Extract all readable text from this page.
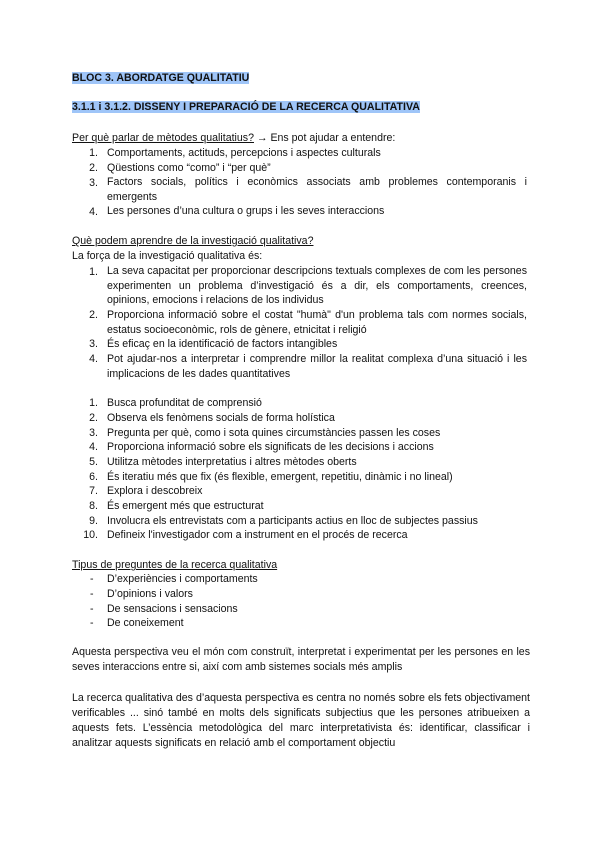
BLOC 3. ABORDATGE QUALITATIU
3.1.1 i 3.1.2. DISSENY I PREPARACIÓ DE LA RECERCA QUALITATIVA
Per què parlar de mètodes qualitatius? → Ens pot ajudar a entendre:
1. Comportaments, actituds, percepcions i aspectes culturals
2. Qüestions como “como” i “per què”
3. Factors socials, polítics i econòmics associats amb problemes contemporanis i emergents
4. Les persones d’una cultura o grups i les seves interaccions
Què podem aprendre de la investigació qualitativa?
La força de la investigació qualitativa és:
1. La seva capacitat per proporcionar descripcions textuals complexes de com les persones experimenten un problema d’investigació és a dir, els comportaments, creences, opinions, emocions i relacions de los individus
2. Proporciona informació sobre el costat "humà" d'un problema tals com normes socials, estatus socioeconòmic, rols de gènere, etnicitat i religió
3. És eficaç en la identificació de factors intangibles
4. Pot ajudar-nos a interpretar i comprendre millor la realitat complexa d’una situació i les implicacions de les dades quantitatives
1. Busca profunditat de comprensió
2. Observa els fenòmens socials de forma holística
3. Pregunta per què, como i sota quines circumstàncies passen les coses
4. Proporciona informació sobre els significats de les decisions i accions
5. Utilitza mètodes interpretatius i altres mètodes oberts
6. És iteratiu més que fix (és flexible, emergent, repetitiu, dinàmic i no lineal)
7. Explora i descobreix
8. És emergent més que estructurat
9. Involucra els entrevistats com a participants actius en lloc de subjectes passius
10. Defineix l'investigador com a instrument en el procés de recerca
Tipus de preguntes de la recerca qualitativa
- D’experiències i comportaments
- D’opinions i valors
- De sensacions i sensacions
- De coneixement
Aquesta perspectiva veu el món com construït, interpretat i experimentat per les persones en les seves interaccions entre si, així com amb sistemes socials més amplis
La recerca qualitativa des d’aquesta perspectiva es centra no només sobre els fets objectivament verificables ... sinó també en molts dels significats subjectius que les persones atribueixen a aquests fets. L’essència metodològica del marc interpretativista és: identificar, classificar i analitzar aquests significats en relació amb el comportament objectiu
